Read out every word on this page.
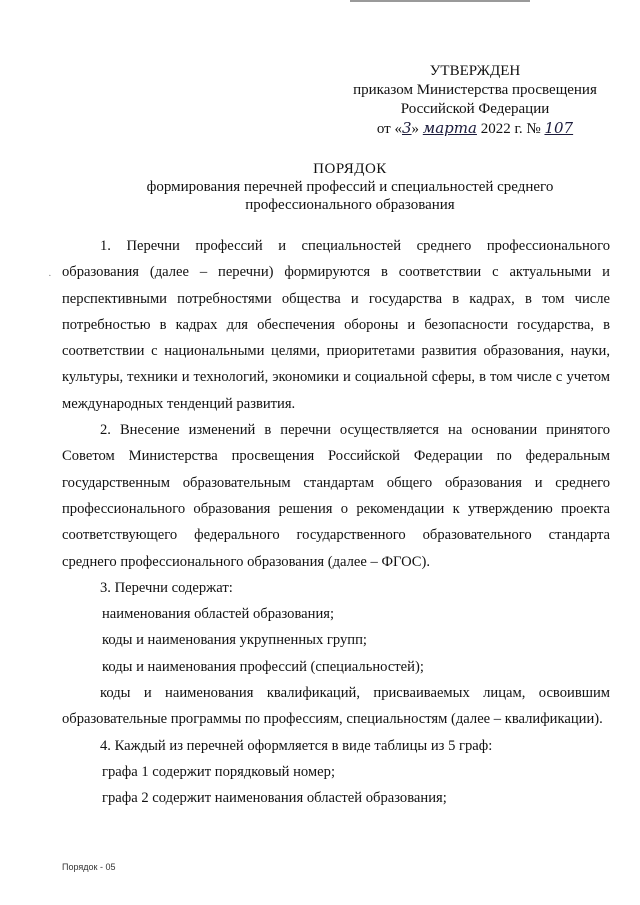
УТВЕРЖДЕН
приказом Министерства просвещения
Российской Федерации
от «3» марта 2022 г. № 107
ПОРЯДОК
формирования перечней профессий и специальностей среднего
профессионального образования
·

1. Перечни профессий и специальностей среднего профессионального образования (далее – перечни) формируются в соответствии с актуальными и перспективными потребностями общества и государства в кадрах, в том числе потребностью в кадрах для обеспечения обороны и безопасности государства, в соответствии с национальными целями, приоритетами развития образования, науки, культуры, техники и технологий, экономики и социальной сферы, в том числе с учетом международных тенденций развития.

2. Внесение изменений в перечни осуществляется на основании принятого Советом Министерства просвещения Российской Федерации по федеральным государственным образовательным стандартам общего образования и среднего профессионального образования решения о рекомендации к утверждению проекта соответствующего федерального государственного образовательного стандарта среднего профессионального образования (далее – ФГОС).

3. Перечни содержат:

наименования областей образования;

коды и наименования укрупненных групп;

коды и наименования профессий (специальностей);

коды и наименования квалификаций, присваиваемых лицам, освоившим образовательные программы по профессиям, специальностям (далее – квалификации).

4. Каждый из перечней оформляется в виде таблицы из 5 граф:

графа 1 содержит порядковый номер;

графа 2 содержит наименования областей образования;

Порядок - 05
